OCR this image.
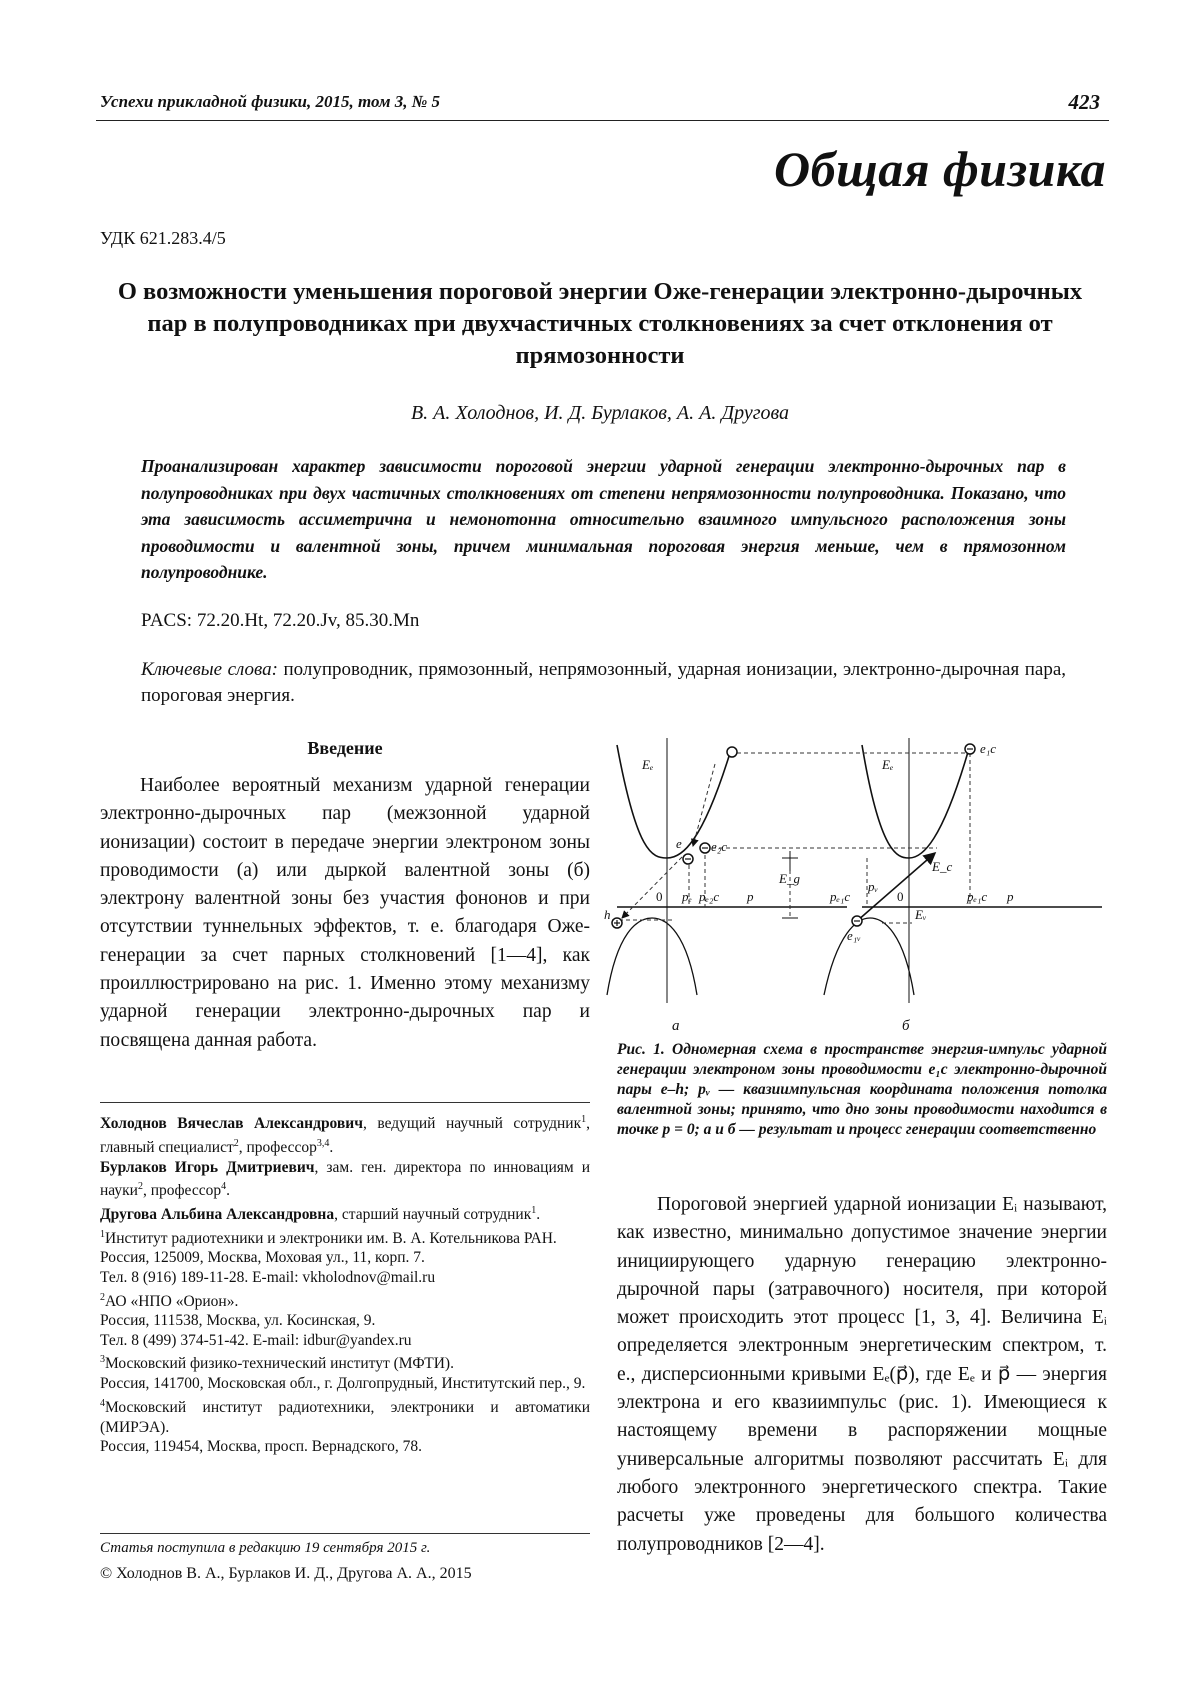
Успехи прикладной физики, 2015, том 3, № 5	423
Общая физика
УДК 621.283.4/5
О возможности уменьшения пороговой энергии Оже-генерации электронно-дырочных пар в полупроводниках при двухчастичных столкновениях за счет отклонения от прямозонности
В. А. Холоднов, И. Д. Бурлаков, А. А. Другова
Проанализирован характер зависимости пороговой энергии ударной генерации электронно-дырочных пар в полупроводниках при двух частичных столкновениях от степени непрямозонности полупроводника. Показано, что эта зависимость ассиметрична и немонотонна относительно взаимного импульсного расположения зоны проводимости и валентной зоны, причем минимальная пороговая энергия меньше, чем в прямозонном полупроводнике.
PACS: 72.20.Ht, 72.20.Jv, 85.30.Mn
Ключевые слова: полупроводник, прямозонный, непрямозонный, ударная ионизации, электронно-дырочная пара, пороговая энергия.
Введение
Наиболее вероятный механизм ударной генерации электронно-дырочных пар (межзонной ударной ионизации) состоит в передаче энергии электроном зоны проводимости (а) или дыркой валентной зоны (б) электрону валентной зоны без участия фононов и при отсутствии туннельных эффектов, т. е. благодаря Оже-генерации за счет парных столкновений [1—4], как проиллюстрировано на рис. 1. Именно этому механизму ударной генерации электронно-дырочных пар и посвящена данная работа.

Холоднов Вячеслав Александрович, ведущий научный сотрудник$^1$, главный специалист$^2$, профессор$^{3,4}$.

Бурлаков Игорь Дмитриевич, зам. ген. директора по инновациям и науки$^2$, профессор$^4$.

Другова Альбина Александровна, старший научный сотрудник$^1$.

$^1$Институт радиотехники и электроники им. В. А. Котельникова РАН.

Россия, 125009, Москва, Моховая ул., 11, корп. 7.

Тел. 8 (916) 189-11-28. E-mail: vkholodnov@mail.ru

$^2$АО «НПО «Орион».

Россия, 111538, Москва, ул. Косинская, 9.

Тел. 8 (499) 374-51-42. E-mail: idbur@yandex.ru

$^3$Московский физико-технический институт (МФТИ).

Россия, 141700, Московская обл., г. Долгопрудный, Институтский пер., 9.

$^4$Московский институт радиотехники, электроники и автоматики (МИРЭА).

Россия, 119454, Москва, просп. Вернадского, 78.

Статья поступила в редакцию 19 сентября 2015 г.
© Холоднов В. А., Бурлаков И. Д., Другова А. А., 2015
Eₑ
e e₂c
h
0 pₑ pₑ₂c p
E_g
Eₑ
e₁c
E_c
pᵥ
pₑ₁c	0	pₑ₁c p
Eᵥ
e₁ᵥ
а	б
Рис. 1. Одномерная схема в пространстве энергия-импульс ударной генерации электроном зоны проводимости e₁c электронно-дырочной пары e–h; pᵥ — квазиимпульсная координата положения потолка валентной зоны; принято, что дно зоны проводимости находится в точке p = 0; а и б — результат и процесс генерации соответственно
Пороговой энергией ударной ионизации Eᵢ называют, как известно, минимально допустимое значение энергии инициирующего ударную генерацию электронно-дырочной пары (затравочного) носителя, при которой может происходить этот процесс [1, 3, 4]. Величина Eᵢ определяется электронным энергетическим спектром, т. е., дисперсионными кривыми Eₑ(p⃗), где Eₑ и p⃗ — энергия электрона и его квазиимпульс (рис. 1). Имеющиеся к настоящему времени в распоряжении мощные универсальные алгоритмы позволяют рассчитать Eᵢ для любого электронного энергетического спектра. Такие расчеты уже проведены для большого количества полупроводников [2—4].
